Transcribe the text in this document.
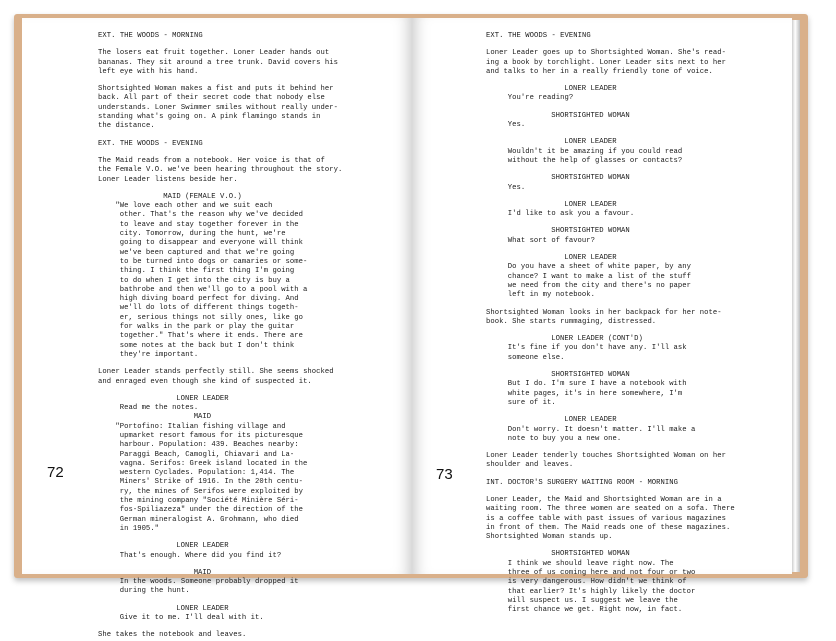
EXT. THE WOODS - MORNING
The losers eat fruit together. Loner Leader hands out
bananas. They sit around a tree trunk. David covers his
left eye with his hand.
Shortsighted Woman makes a fist and puts it behind her
back. All part of their secret code that nobody else
understands. Loner Swimmer smiles without really under-
standing what's going on. A pink flamingo stands in
the distance.
EXT. THE WOODS - EVENING
The Maid reads from a notebook. Her voice is that of
the Female V.O. we've been hearing throughout the story.
Loner Leader listens beside her.
MAID (FEMALE V.O.)
"We love each other and we suit each
other. That's the reason why we've decided
to leave and stay together forever in the
city. Tomorrow, during the hunt, we're
going to disappear and everyone will think
we've been captured and that we're going
to be turned into dogs or camaries or some-
thing. I think the first thing I'm going
to do when I get into the city is buy a
bathrobe and then we'll go to a pool with a
high diving board perfect for diving. And
we'll do lots of different things togeth-
er, serious things not silly ones, like go
for walks in the park or play the guitar
together." That's where it ends. There are
some notes at the back but I don't think
they're important.
Loner Leader stands perfectly still. She seems shocked
and enraged even though she kind of suspected it.
LONER LEADER
Read me the notes.
MAID
"Portofino: Italian fishing village and
upmarket resort famous for its picturesque
harbour. Population: 439. Beaches nearby:
Paraggi Beach, Camogli, Chiavari and La-
vagna. Serifos: Greek island located in the
western Cyclades. Population: 1,414. The
Miners' Strike of 1916. In the 20th centu-
ry, the mines of Serifos were exploited by
the mining company "Société Minière Séri-
fos-Spiliazeza" under the direction of the
German mineralogist A. Grohmann, who died
in 1905."
LONER LEADER
That's enough. Where did you find it?
MAID
In the woods. Someone probably dropped it
during the hunt.
LONER LEADER
Give it to me. I'll deal with it.
She takes the notebook and leaves.
72
EXT. THE WOODS - EVENING
Loner Leader goes up to Shortsighted Woman. She's read-
ing a book by torchlight. Loner Leader sits next to her
and talks to her in a really friendly tone of voice.
LONER LEADER
You're reading?
SHORTSIGHTED WOMAN
Yes.
LONER LEADER
Wouldn't it be amazing if you could read
without the help of glasses or contacts?
SHORTSIGHTED WOMAN
Yes.
LONER LEADER
I'd like to ask you a favour.
SHORTSIGHTED WOMAN
What sort of favour?
LONER LEADER
Do you have a sheet of white paper, by any
chance? I want to make a list of the stuff
we need from the city and there's no paper
left in my notebook.
Shortsighted Woman looks in her backpack for her note-
book. She starts rummaging, distressed.
LONER LEADER (CONT'D)
It's fine if you don't have any. I'll ask
someone else.
SHORTSIGHTED WOMAN
But I do. I'm sure I have a notebook with
white pages, it's in here somewhere, I'm
sure of it.
LONER LEADER
Don't worry. It doesn't matter. I'll make a
note to buy you a new one.
Loner Leader tenderly touches Shortsighted Woman on her
shoulder and leaves.
INT. DOCTOR'S SURGERY WAITING ROOM - MORNING
Loner Leader, the Maid and Shortsighted Woman are in a
waiting room. The three women are seated on a sofa. There
is a coffee table with past issues of various magazines
in front of them. The Maid reads one of these magazines.
Shortsighted Woman stands up.
SHORTSIGHTED WOMAN
I think we should leave right now. The
three of us coming here and not four or two
is very dangerous. How didn't we think of
that earlier? It's highly likely the doctor
will suspect us. I suggest we leave the
first chance we get. Right now, in fact.
73
